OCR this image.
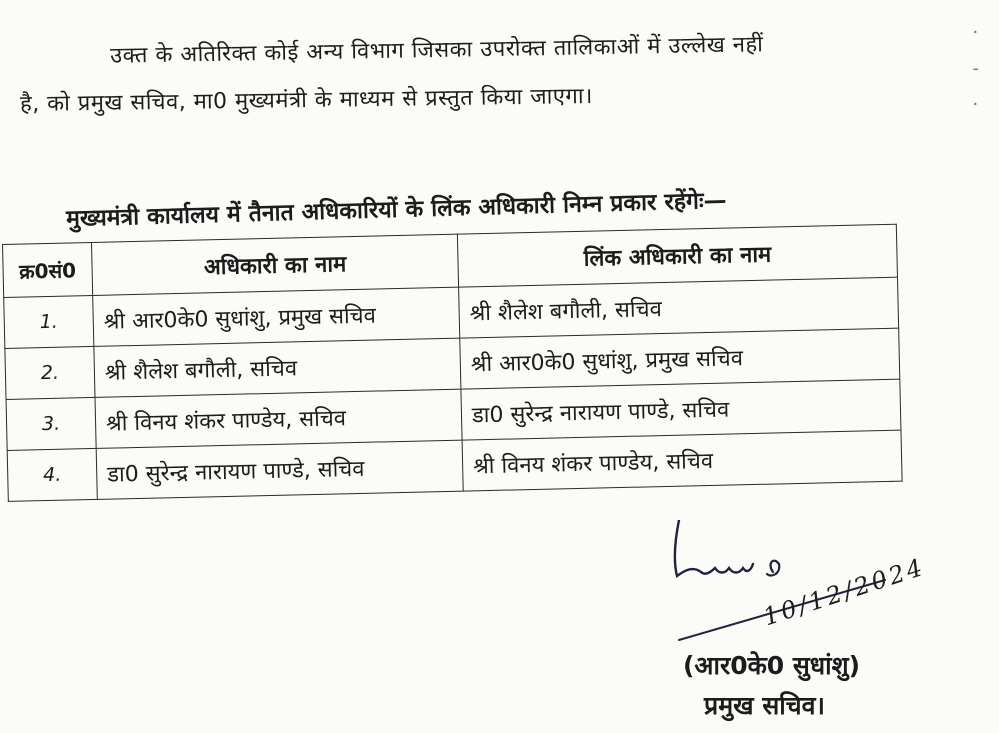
उक्त के अतिरिक्त कोई अन्य विभाग जिसका उपरोक्त तालिकाओं में उल्लेख नहीं
है, को प्रमुख सचिव, मा0 मुख्यमंत्री के माध्यम से प्रस्तुत किया जाएगा।
·
-
·
मुख्यमंत्री कार्यालय में तैनात अधिकारियों के लिंक अधिकारी निम्न प्रकार रहेंगेः—
क्र0सं0	अधिकारी का नाम	लिंक अधिकारी का नाम
1.	श्री आर0के0 सुधांशु, प्रमुख सचिव	श्री शैलेश बगौली, सचिव
2.	श्री शैलेश बगौली, सचिव	श्री आर0के0 सुधांशु, प्रमुख सचिव
3.	श्री विनय शंकर पाण्डेय, सचिव	डा0 सुरेन्द्र नारायण पाण्डे, सचिव
4.	डा0 सुरेन्द्र नारायण पाण्डे, सचिव	श्री विनय शंकर पाण्डेय, सचिव
10/12/2024
(आर0के0 सुधांशु)
प्रमुख सचिव।
